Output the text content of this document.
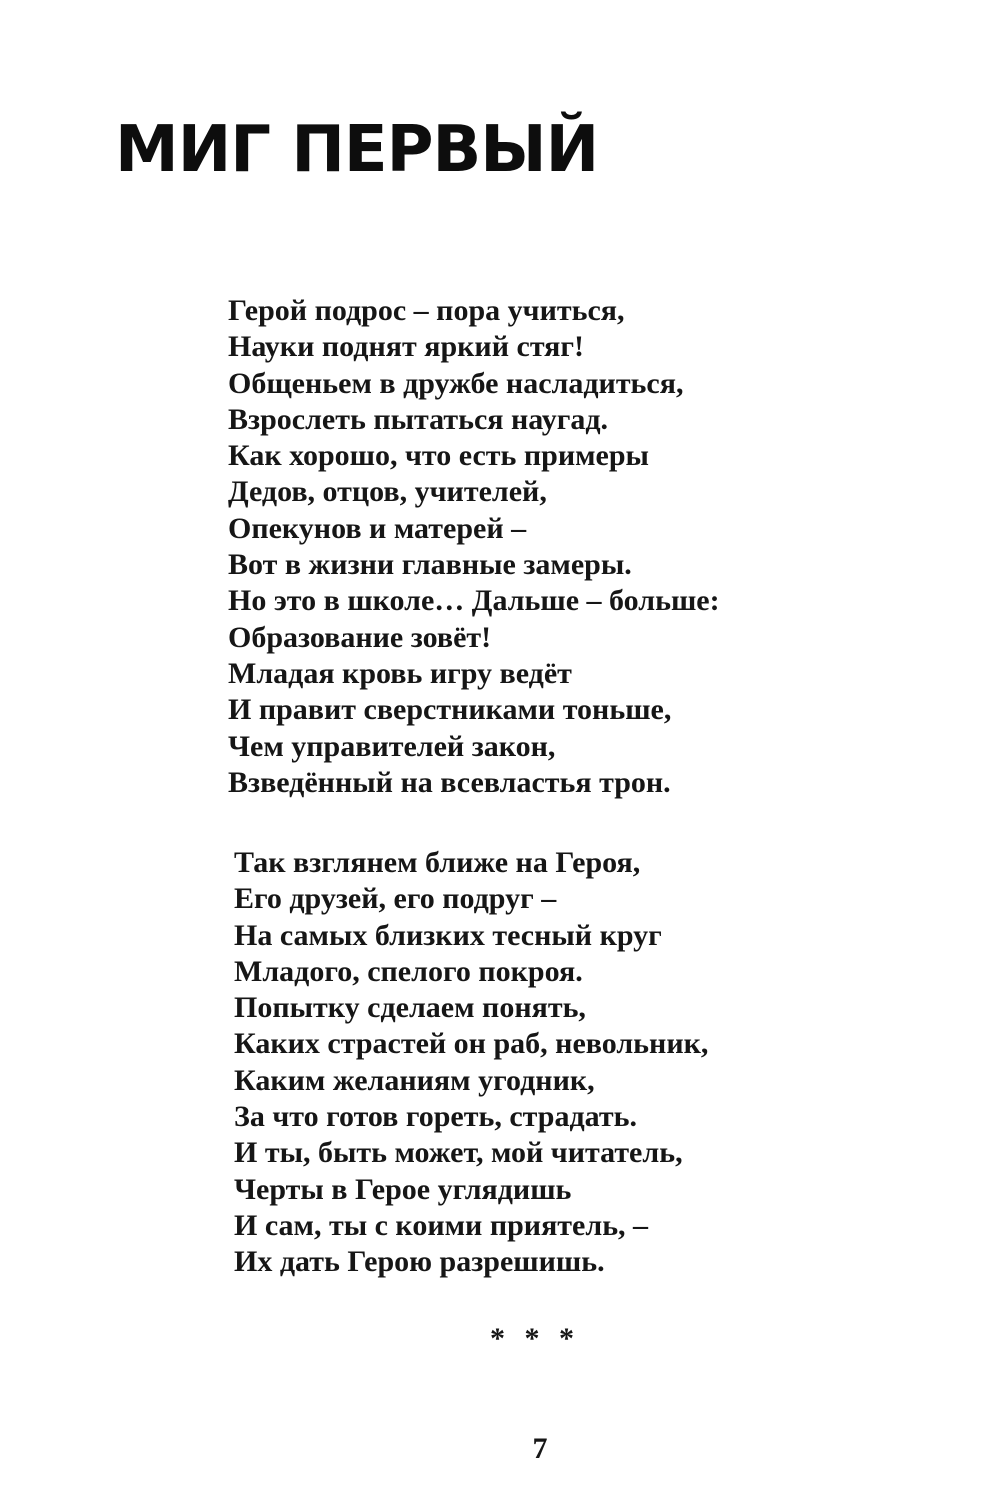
МИГ ПЕРВЫЙ
Герой подрос – пора учиться,
Науки поднят яркий стяг!
Общеньем в дружбе насладиться,
Взрослеть пытаться наугад.
Как хорошо, что есть примеры
Дедов, отцов, учителей,
Опекунов и матерей –
Вот в жизни главные замеры.
Но это в школе… Дальше – больше:
Образование зовёт!
Младая кровь игру ведёт
И правит сверстниками тоньше,
Чем управителей закон,
Взведённый на всевластья трон.
Так взглянем ближе на Героя,
Его друзей, его подруг –
На самых близких тесный круг
Младого, спелого покроя.
Попытку сделаем понять,
Каких страстей он раб, невольник,
Каким желаниям угодник,
За что готов гореть, страдать.
И ты, быть может, мой читатель,
Черты в Герое углядишь
И сам, ты с коими приятель, –
Их дать Герою разрешишь.
* * *
7
